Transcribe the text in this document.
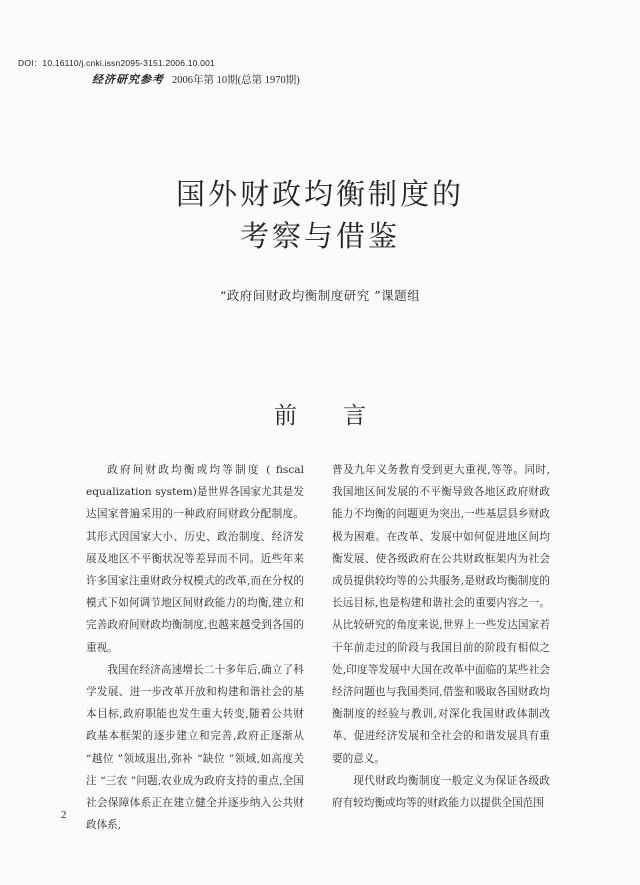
DOI：10.16110/j.cnki.issn2095-3151.2006.10.001
经济研究参考 2006年第 10期(总第 1970期)
国外财政均衡制度的
考察与借鉴
“政府间财政均衡制度研究 ”课题组
前言

政府间财政均衡或均等制度 ( fiscal equalization system)是世界各国家尤其是发达国家普遍采用的一种政府间财政分配制度。其形式因国家大小、历史、政治制度、经济发展及地区不平衡状况等差异而不同。近些年来许多国家注重财政分权模式的改革,而在分权的模式下如何调节地区间财政能力的均衡,建立和完善政府间财政均衡制度,也越来越受到各国的重视。

我国在经济高速增长二十多年后,确立了科学发展、进一步改革开放和构建和谐社会的基本目标,政府职能也发生重大转变,随着公共财政基本框架的逐步建立和完善,政府正逐渐从 “越位 ”领域退出,弥补 “缺位 ”领域,如高度关注 “三农 ”问题,农业成为政府支持的重点,全国社会保障体系正在建立健全并逐步纳入公共财政体系,

普及九年义务教育受到更大重视,等等。同时,我国地区间发展的不平衡导致各地区政府财政能力不均衡的问题更为突出,一些基层县乡财政极为困难。在改革、发展中如何促进地区间均衡发展、使各级政府在公共财政框架内为社会成员提供较均等的公共服务,是财政均衡制度的长远目标,也是构建和谐社会的重要内容之一。从比较研究的角度来说,世界上一些发达国家若干年前走过的阶段与我国目前的阶段有相似之处,印度等发展中大国在改革中面临的某些社会经济问题也与我国类同,借鉴和吸取各国财政均衡制度的经验与教训,对深化我国财政体制改革、促进经济发展和全社会的和谐发展具有重要的意义。

现代财政均衡制度一般定义为保证各级政府有较均衡或均等的财政能力以提供全国范围

2
